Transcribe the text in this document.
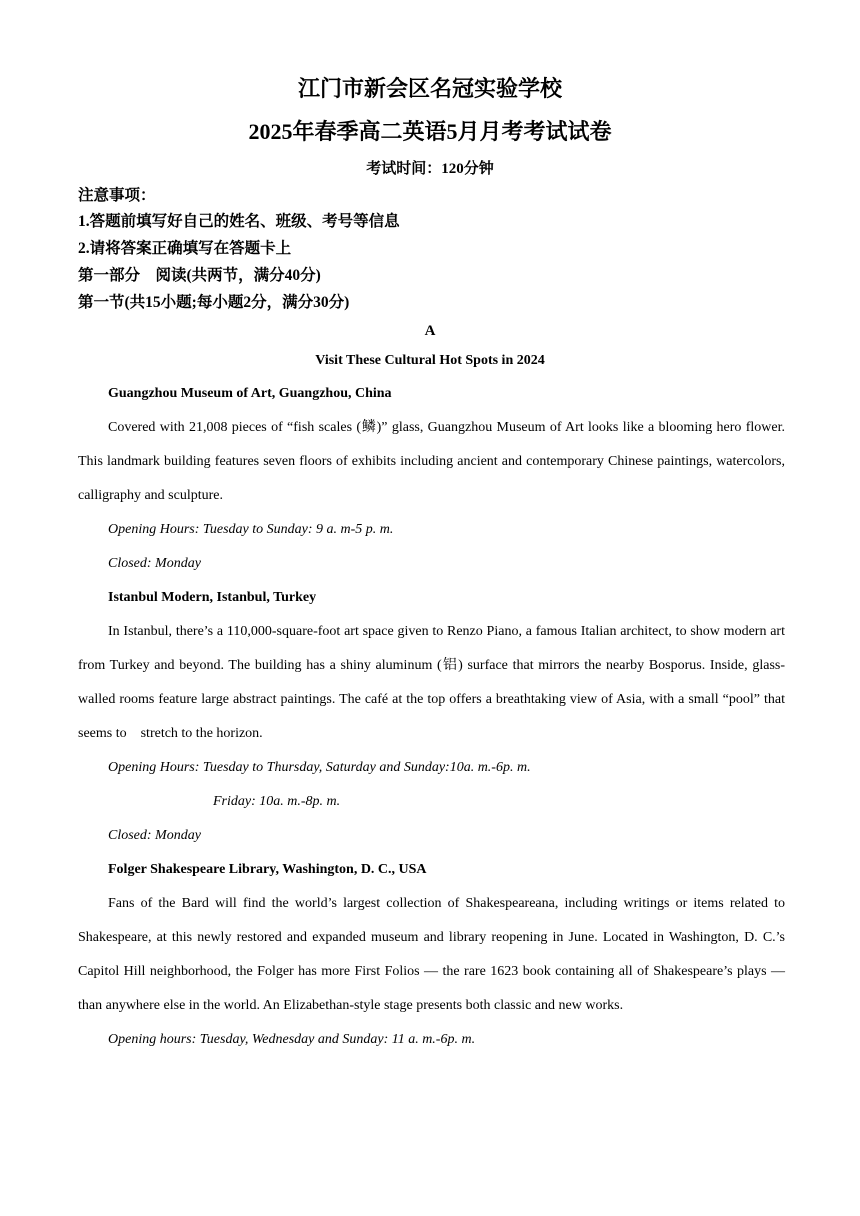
江门市新会区名冠实验学校
2025年春季高二英语5月月考考试试卷
考试时间：120分钟
注意事项：
1.答题前填写好自己的姓名、班级、考号等信息
2.请将答案正确填写在答题卡上
第一部分　阅读(共两节，满分40分)
第一节(共15小题;每小题2分，满分30分)
A
Visit These Cultural Hot Spots in 2024

Guangzhou Museum of Art, Guangzhou, China

Covered with 21,008 pieces of “fish scales (鳞)” glass, Guangzhou Museum of Art looks like a blooming hero flower. This landmark building features seven floors of exhibits including ancient and contemporary Chinese paintings, watercolors, calligraphy and sculpture.

Opening Hours: Tuesday to Sunday: 9 a. m-5 p. m.

Closed: Monday

Istanbul Modern, Istanbul, Turkey

In Istanbul, there’s a 110,000-square-foot art space given to Renzo Piano, a famous Italian architect, to show modern art from Turkey and beyond. The building has a shiny aluminum (铝) surface that mirrors the nearby Bosporus. Inside, glass-walled rooms feature large abstract paintings. The café at the top offers a breathtaking view of Asia, with a small “pool” that seems to　stretch to the horizon.

Opening Hours: Tuesday to Thursday, Saturday and Sunday:10a. m.-6p. m.

Friday: 10a. m.-8p. m.

Closed: Monday

Folger Shakespeare Library, Washington, D. C., USA

Fans of the Bard will find the world’s largest collection of Shakespeareana, including writings or items related to Shakespeare, at this newly restored and expanded museum and library reopening in June. Located in Washington, D. C.’s Capitol Hill neighborhood, the Folger has more First Folios — the rare 1623 book containing all of Shakespeare’s plays — than anywhere else in the world. An Elizabethan-style stage presents both classic and new works.

Opening hours: Tuesday, Wednesday and Sunday: 11 a. m.-6p. m.
